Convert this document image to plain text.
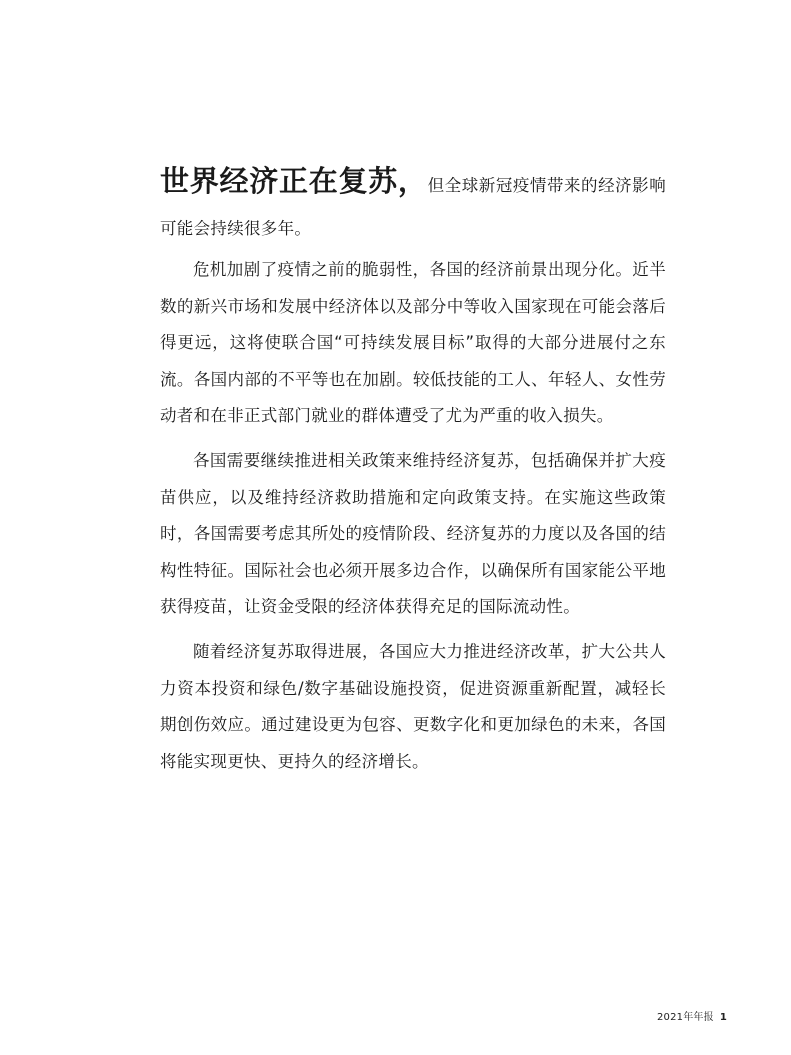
世界经济正在复苏，但全球新冠疫情带来的经济影响可能会持续很多年。

危机加剧了疫情之前的脆弱性，各国的经济前景出现分化。近半数的新兴市场和发展中经济体以及部分中等收入国家现在可能会落后得更远，这将使联合国“可持续发展目标”取得的大部分进展付之东流。各国内部的不平等也在加剧。较低技能的工人、年轻人、女性劳动者和在非正式部门就业的群体遭受了尤为严重的收入损失。

各国需要继续推进相关政策来维持经济复苏，包括确保并扩大疫苗供应，以及维持经济救助措施和定向政策支持。在实施这些政策时，各国需要考虑其所处的疫情阶段、经济复苏的力度以及各国的结构性特征。国际社会也必须开展多边合作，以确保所有国家能公平地获得疫苗，让资金受限的经济体获得充足的国际流动性。

随着经济复苏取得进展，各国应大力推进经济改革，扩大公共人力资本投资和绿色/数字基础设施投资，促进资源重新配置，减轻长期创伤效应。通过建设更为包容、更数字化和更加绿色的未来，各国将能实现更快、更持久的经济增长。

2021年年报 1
